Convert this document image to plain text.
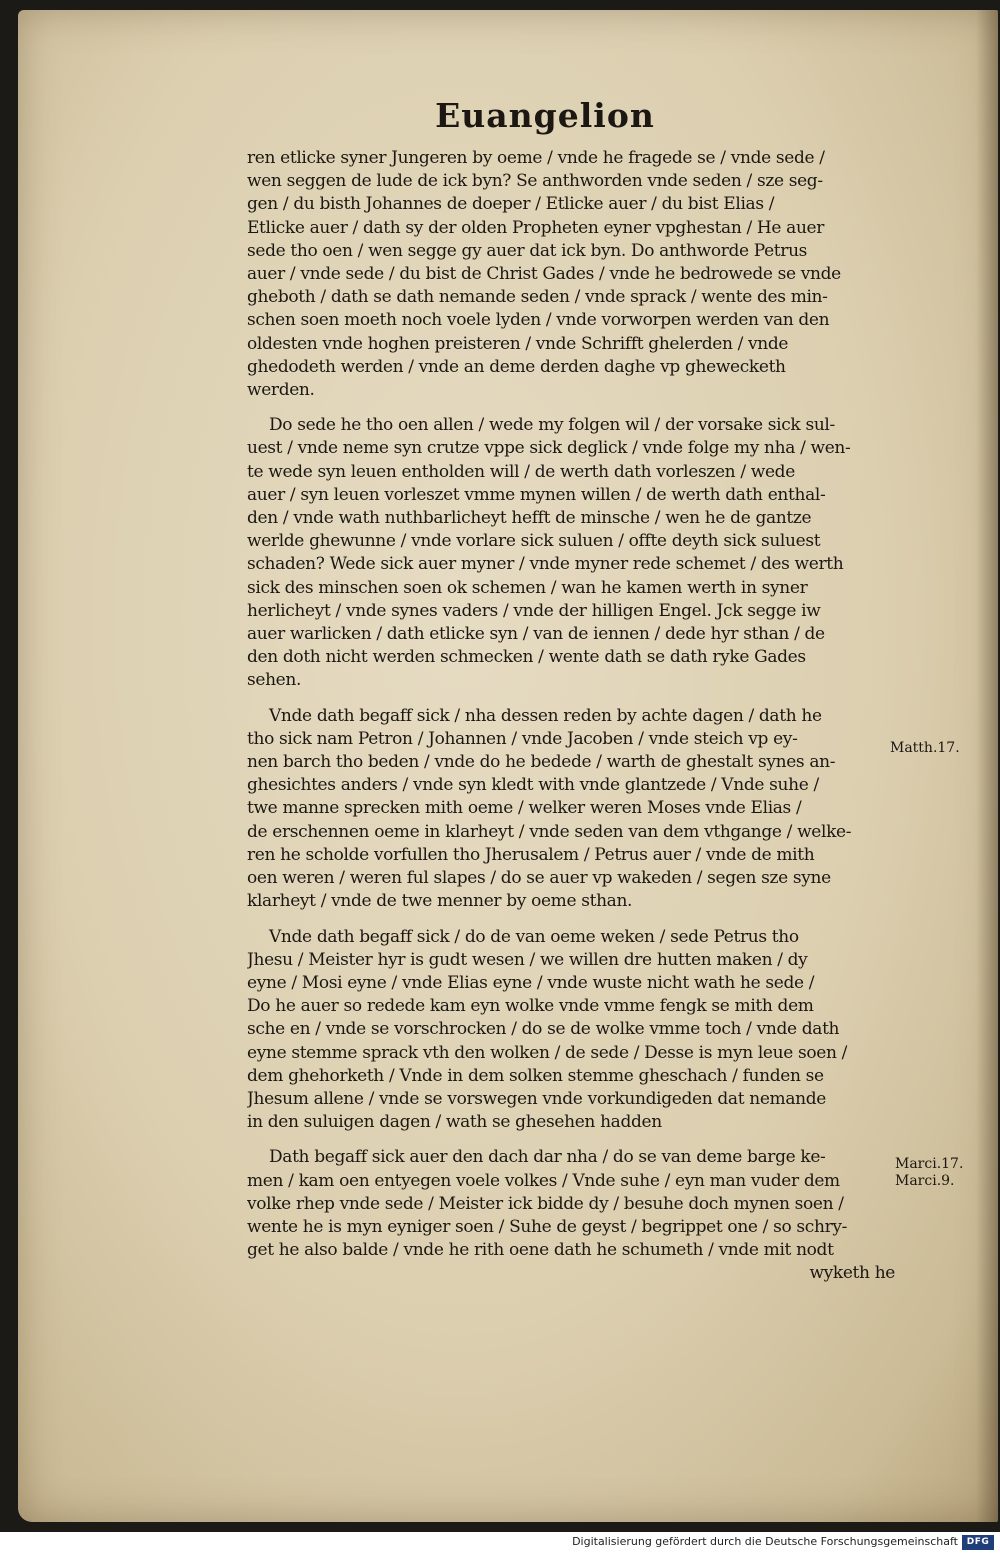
Euangelion

ren etlicke syner Jungeren by oeme / vnde he fragede se / vnde sede /
wen seggen de lude de ick byn? Se anthworden vnde seden / sze seg-
gen / du bisth Johannes de doeper / Etlicke auer / du bist Elias /
Etlicke auer / dath sy der olden Propheten eyner vpghestan / He auer
sede tho oen / wen segge gy auer dat ick byn. Do anthworde Petrus
auer / vnde sede / du bist de Christ Gades / vnde he bedrowede se vnde
gheboth / dath se dath nemande seden / vnde sprack / wente des min-
schen soen moeth noch voele lyden / vnde vorworpen werden van den
oldesten vnde hoghen preisteren / vnde Schrifft ghelerden / vnde
ghedodeth werden / vnde an deme derden daghe vp ghewecketh
werden.

Do sede he tho oen allen / wede my folgen wil / der vorsake sick sul-
uest / vnde neme syn crutze vppe sick deglick / vnde folge my nha / wen-
te wede syn leuen entholden will / de werth dath vorleszen / wede
auer / syn leuen vorleszet vmme mynen willen / de werth dath enthal-
den / vnde wath nuthbarlicheyt hefft de minsche / wen he de gantze
werlde ghewunne / vnde vorlare sick suluen / offte deyth sick suluest
schaden? Wede sick auer myner / vnde myner rede schemet / des werth
sick des minschen soen ok schemen / wan he kamen werth in syner
herlicheyt / vnde synes vaders / vnde der hilligen Engel. Jck segge iw
auer warlicken / dath etlicke syn / van de iennen / dede hyr sthan / de
den doth nicht werden schmecken / wente dath se dath ryke Gades
sehen.

Vnde dath begaff sick / nha dessen reden by achte dagen / dath he
tho sick nam Petron / Johannen / vnde Jacoben / vnde steich vp ey-
nen barch tho beden / vnde do he bedede / warth de ghestalt synes an-
ghesichtes anders / vnde syn kledt with vnde glantzede / Vnde suhe /
twe manne sprecken mith oeme / welker weren Moses vnde Elias /
de erschennen oeme in klarheyt / vnde seden van dem vthgange / welke-
ren he scholde vorfullen tho Jherusalem / Petrus auer / vnde de mith
oen weren / weren ful slapes / do se auer vp wakeden / segen sze syne
klarheyt / vnde de twe menner by oeme sthan.

Vnde dath begaff sick / do de van oeme weken / sede Petrus tho
Jhesu / Meister hyr is gudt wesen / we willen dre hutten maken / dy
eyne / Mosi eyne / vnde Elias eyne / vnde wuste nicht wath he sede /
Do he auer so redede kam eyn wolke vnde vmme fengk se mith dem
sche en / vnde se vorschrocken / do se de wolke vmme toch / vnde dath
eyne stemme sprack vth den wolken / de sede / Desse is myn leue soen /
dem ghehorketh / Vnde in dem solken stemme gheschach / funden se
Jhesum allene / vnde se vorswegen vnde vorkundigeden dat nemande
in den suluigen dagen / wath se ghesehen hadden

Dath begaff sick auer den dach dar nha / do se van deme barge ke-
men / kam oen entyegen voele volkes / Vnde suhe / eyn man vuder dem
volke rhep vnde sede / Meister ick bidde dy / besuhe doch mynen soen /
wente he is myn eyniger soen / Suhe de geyst / begrippet one / so schry-
get he also balde / vnde he rith oene dath he schumeth / vnde mit nodt
wyketh he

Matth.17.
Marci.17.
Marci.9.
Digitalisierung gefördert durch die Deutsche Forschungsgemeinschaft DFG
